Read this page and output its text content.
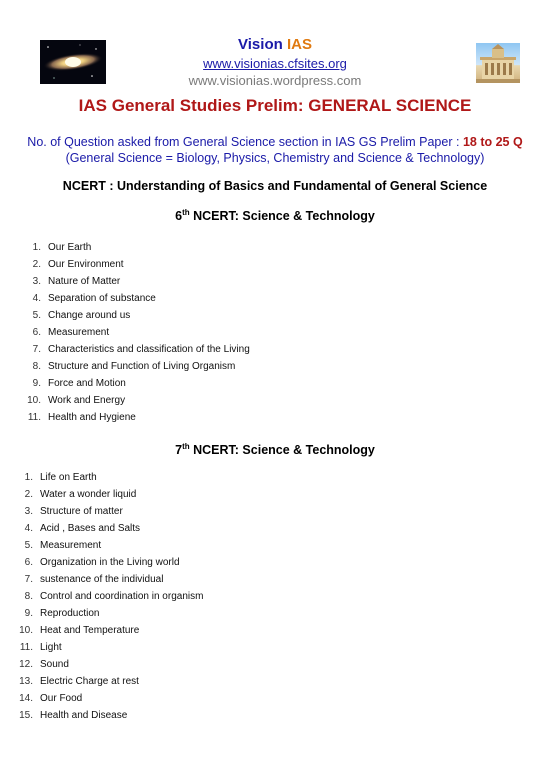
Vision IAS
www.visionias.cfsites.org
www.visionias.wordpress.com
IAS General Studies Prelim: GENERAL SCIENCE
No. of Question asked from General Science section in IAS GS Prelim Paper : 18 to 25 Q
(General Science = Biology, Physics, Chemistry and Science & Technology)
NCERT : Understanding of Basics and Fundamental of General Science
6th NCERT: Science & Technology
1. Our Earth
2. Our Environment
3. Nature of Matter
4. Separation of substance
5. Change around us
6. Measurement
7. Characteristics and classification of the Living
8. Structure and Function of Living Organism
9. Force and Motion
10. Work and Energy
11. Health and Hygiene
7th NCERT: Science & Technology
1. Life on Earth
2. Water a wonder liquid
3. Structure of matter
4. Acid , Bases and Salts
5. Measurement
6. Organization in the Living world
7. sustenance of the individual
8. Control and coordination in organism
9. Reproduction
10. Heat and Temperature
11. Light
12. Sound
13. Electric Charge at rest
14. Our Food
15. Health and Disease
